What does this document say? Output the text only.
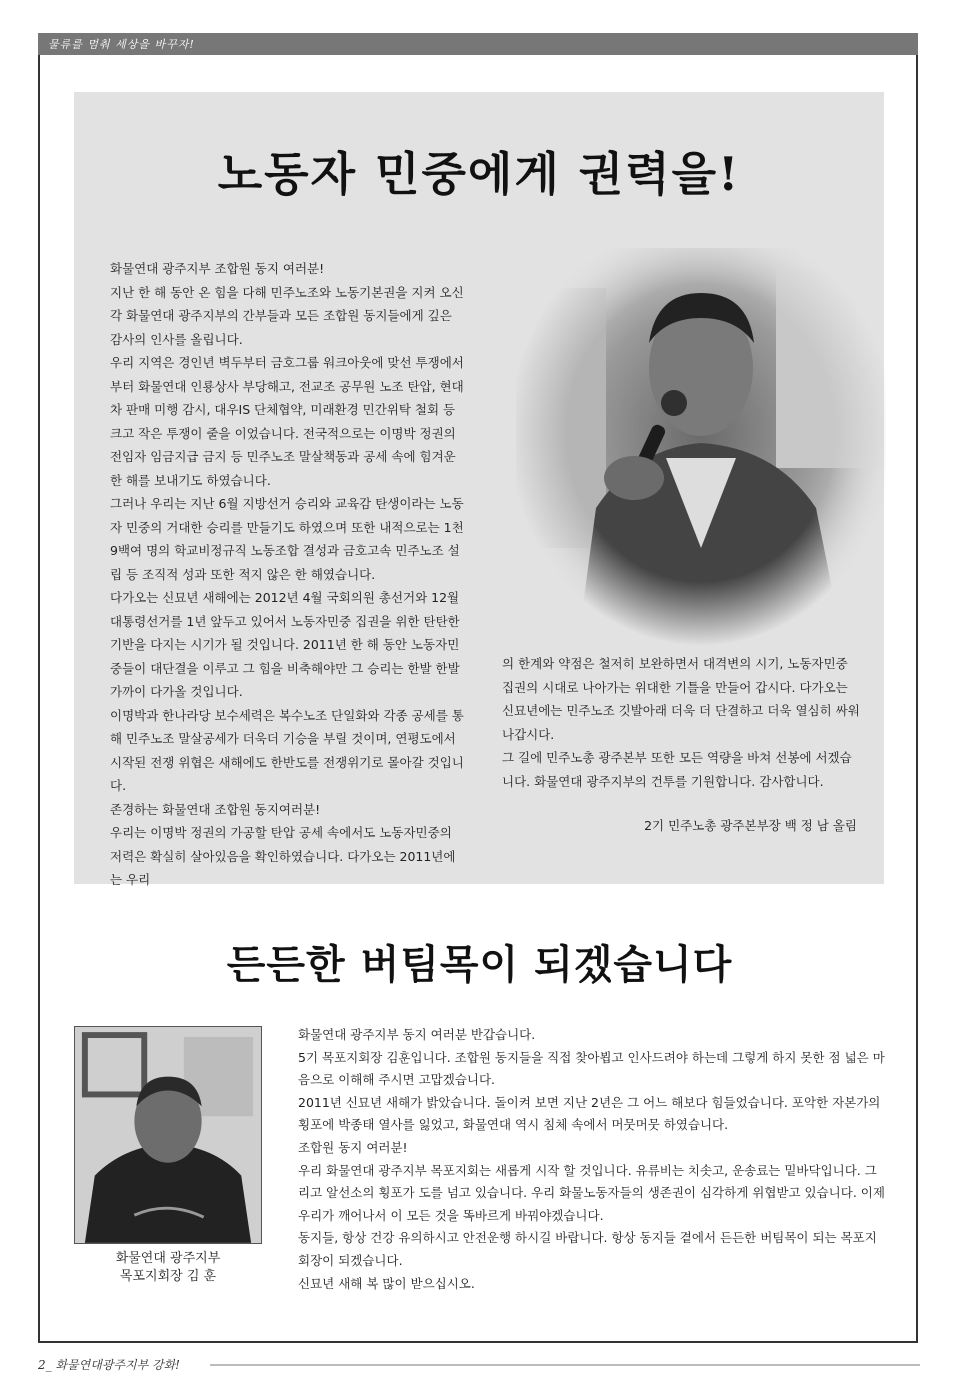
물류를 멈춰 세상을 바꾸자!
노동자 민중에게 권력을!

화물연대 광주지부 조합원 동지 여러분!

지난 한 해 동안 온 힘을 다해 민주노조와 노동기본권을 지켜 오신 각 화물연대 광주지부의 간부들과 모든 조합원 동지들에게 깊은 감사의 인사를 올립니다.

우리 지역은 경인년 벽두부터 금호그룹 워크아웃에 맞선 투쟁에서부터 화물연대 인룡상사 부당해고, 전교조 공무원 노조 탄압, 현대차 판매 미행 감시, 대우IS 단체협약, 미래환경 민간위탁 철회 등 크고 작은 투쟁이 줄을 이었습니다. 전국적으로는 이명박 정권의 전임자 임금지급 금지 등 민주노조 말살책동과 공세 속에 힘겨운 한 해를 보내기도 하였습니다.

그러나 우리는 지난 6월 지방선거 승리와 교육감 탄생이라는 노동자 민중의 거대한 승리를 만들기도 하였으며 또한 내적으로는 1천9백여 명의 학교비정규직 노동조합 결성과 금호고속 민주노조 설립 등 조직적 성과 또한 적지 않은 한 해였습니다.

다가오는 신묘년 새해에는 2012년 4월 국회의원 총선거와 12월 대통령선거를 1년 앞두고 있어서 노동자민중 집권을 위한 탄탄한 기반을 다지는 시기가 될 것입니다. 2011년 한 해 동안 노동자민중들이 대단결을 이루고 그 힘을 비축해야만 그 승리는 한발 한발 가까이 다가올 것입니다.

이명박과 한나라당 보수세력은 복수노조 단일화와 각종 공세를 통해 민주노조 말살공세가 더욱더 기승을 부릴 것이며, 연평도에서 시작된 전쟁 위협은 새해에도 한반도를 전쟁위기로 몰아갈 것입니다.

존경하는 화물연대 조합원 동지여러분!

우리는 이명박 정권의 가공할 탄압 공세 속에서도 노동자민중의 저력은 확실히 살아있음을 확인하였습니다. 다가오는 2011년에는 우리

의 한계와 약점은 철저히 보완하면서 대격변의 시기, 노동자민중 집권의 시대로 나아가는 위대한 기틀을 만들어 갑시다. 다가오는 신묘년에는 민주노조 깃발아래 더욱 더 단결하고 더욱 열심히 싸워 나갑시다.

그 길에 민주노총 광주본부 또한 모든 역량을 바쳐 선봉에 서겠습니다. 화물연대 광주지부의 건투를 기원합니다. 감사합니다.

2기 민주노총 광주본부장 백 정 남 올림
든든한 버팀목이 되겠습니다
화물연대 광주지부
목포지회장 김 훈

화물연대 광주지부 동지 여러분 반갑습니다.

5기 목포지회장 김훈입니다. 조합원 동지들을 직접 찾아뵙고 인사드려야 하는데 그렇게 하지 못한 점 넓은 마음으로 이해해 주시면 고맙겠습니다.

2011년 신묘년 새해가 밝았습니다. 돌이켜 보면 지난 2년은 그 어느 해보다 힘들었습니다. 포악한 자본가의 횡포에 박종태 열사를 잃었고, 화물연대 역시 침체 속에서 머뭇머뭇 하였습니다.

조합원 동지 여러분!

우리 화물연대 광주지부 목포지회는 새롭게 시작 할 것입니다. 유류비는 치솟고, 운송료는 밑바닥입니다. 그리고 알선소의 횡포가 도를 넘고 있습니다. 우리 화물노동자들의 생존권이 심각하게 위협받고 있습니다. 이제 우리가 깨어나서 이 모든 것을 똑바르게 바꿔야겠습니다.

동지들, 항상 건강 유의하시고 안전운행 하시길 바랍니다. 항상 동지들 곁에서 든든한 버팀목이 되는 목포지회장이 되겠습니다.

신묘년 새해 복 많이 받으십시오.

2_ 화물연대광주지부 강화!
